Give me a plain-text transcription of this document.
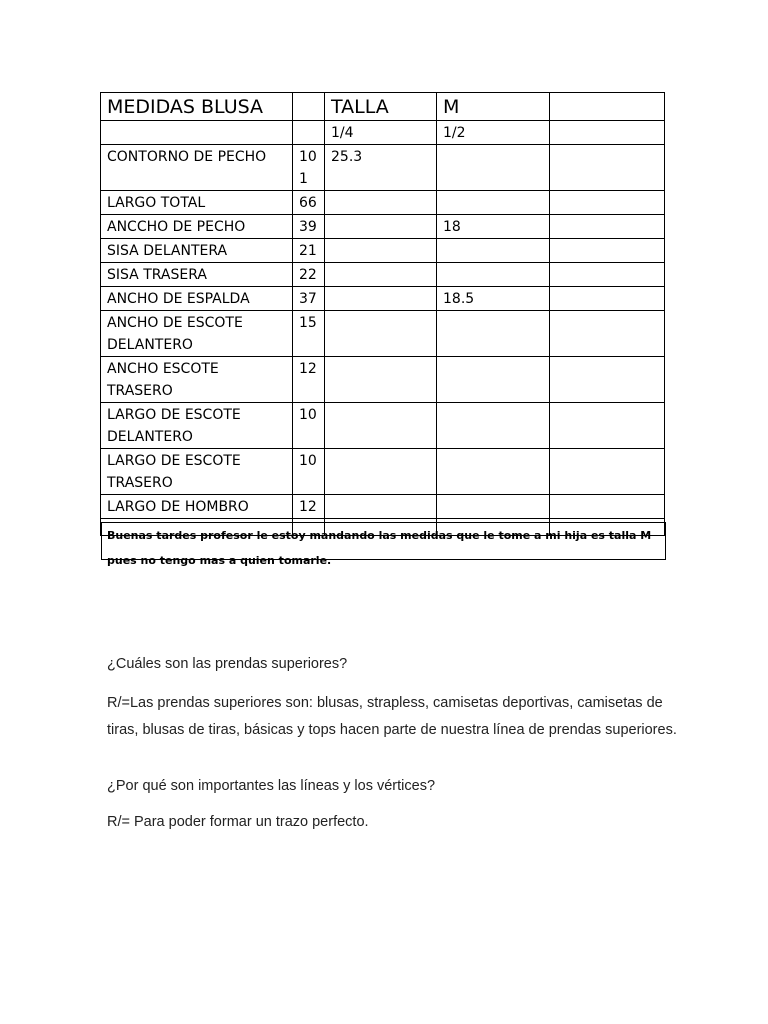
MEDIDAS BLUSA		TALLA	M	
		1/4	1/2	
CONTORNO DE PECHO	101	25.3		
LARGO TOTAL	66			
ANCCHO DE PECHO	39		18	
SISA DELANTERA	21			
SISA TRASERA	22			
ANCHO DE ESPALDA	37		18.5	
ANCHO DE ESCOTE DELANTERO	15			
ANCHO ESCOTE TRASERO	12			
LARGO DE ESCOTE DELANTERO	10			
LARGO DE ESCOTE TRASERO	10			
LARGO DE HOMBRO	12			

Buenas tardes profesor le estoy mandando las medidas que le tome a mi hija es talla M pues no tengo mas a quien tomarle.

¿Cuáles son las prendas superiores?

R/=Las prendas superiores son: blusas, strapless, camisetas deportivas, camisetas de tiras, blusas de tiras, básicas y tops hacen parte de nuestra línea de prendas superiores.

¿Por qué son importantes las líneas y los vértices?

R/= Para poder formar un trazo perfecto.
